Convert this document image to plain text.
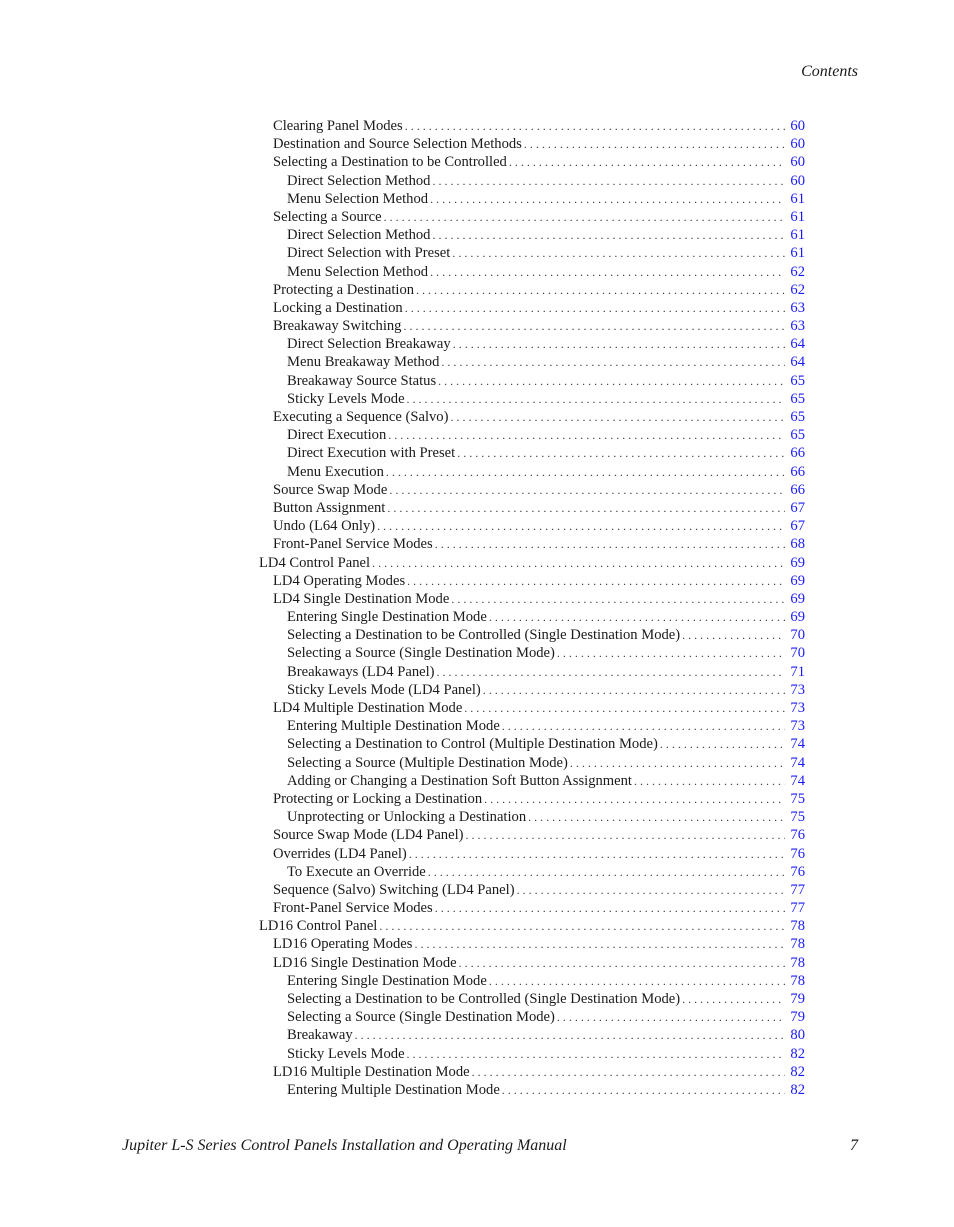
Contents
Clearing Panel Modes . . .	60
Destination and Source Selection Methods . . .	60
Selecting a Destination to be Controlled . . .	60
Direct Selection Method . . .	60
Menu Selection Method . . .	61
Selecting a Source . . .	61
Direct Selection Method . . .	61
Direct Selection with Preset . . .	61
Menu Selection Method . . .	62
Protecting a Destination . . .	62
Locking a Destination . . .	63
Breakaway Switching . . .	63
Direct Selection Breakaway . . .	64
Menu Breakaway Method . . .	64
Breakaway Source Status . . .	65
Sticky Levels Mode . . .	65
Executing a Sequence (Salvo) . . .	65
Direct Execution . . .	65
Direct Execution with Preset . . .	66
Menu Execution . . .	66
Source Swap Mode . . .	66
Button Assignment . . .	67
Undo (L64 Only) . . .	67
Front-Panel Service Modes . . .	68
LD4 Control Panel . . .	69
LD4 Operating Modes . . .	69
LD4 Single Destination Mode . . .	69
Entering Single Destination Mode . . .	69
Selecting a Destination to be Controlled (Single Destination Mode) . . .	70
Selecting a Source (Single Destination Mode) . . .	70
Breakaways (LD4 Panel) . . .	71
Sticky Levels Mode (LD4 Panel) . . .	73
LD4 Multiple Destination Mode . . .	73
Entering Multiple Destination Mode . . .	73
Selecting a Destination to Control (Multiple Destination Mode) . . .	74
Selecting a Source (Multiple Destination Mode) . . .	74
Adding or Changing a Destination Soft Button Assignment . . .	74
Protecting or Locking a Destination . . .	75
Unprotecting or Unlocking a Destination . . .	75
Source Swap Mode (LD4 Panel) . . .	76
Overrides (LD4 Panel) . . .	76
To Execute an Override . . .	76
Sequence (Salvo) Switching (LD4 Panel) . . .	77
Front-Panel Service Modes . . .	77
LD16 Control Panel . . .	78
LD16 Operating Modes . . .	78
LD16 Single Destination Mode . . .	78
Entering Single Destination Mode . . .	78
Selecting a Destination to be Controlled (Single Destination Mode) . . .	79
Selecting a Source (Single Destination Mode) . . .	79
Breakaway . . .	80
Sticky Levels Mode . . .	82
LD16 Multiple Destination Mode . . .	82
Entering Multiple Destination Mode . . .	82
Jupiter L-S Series Control Panels Installation and Operating Manual	7
